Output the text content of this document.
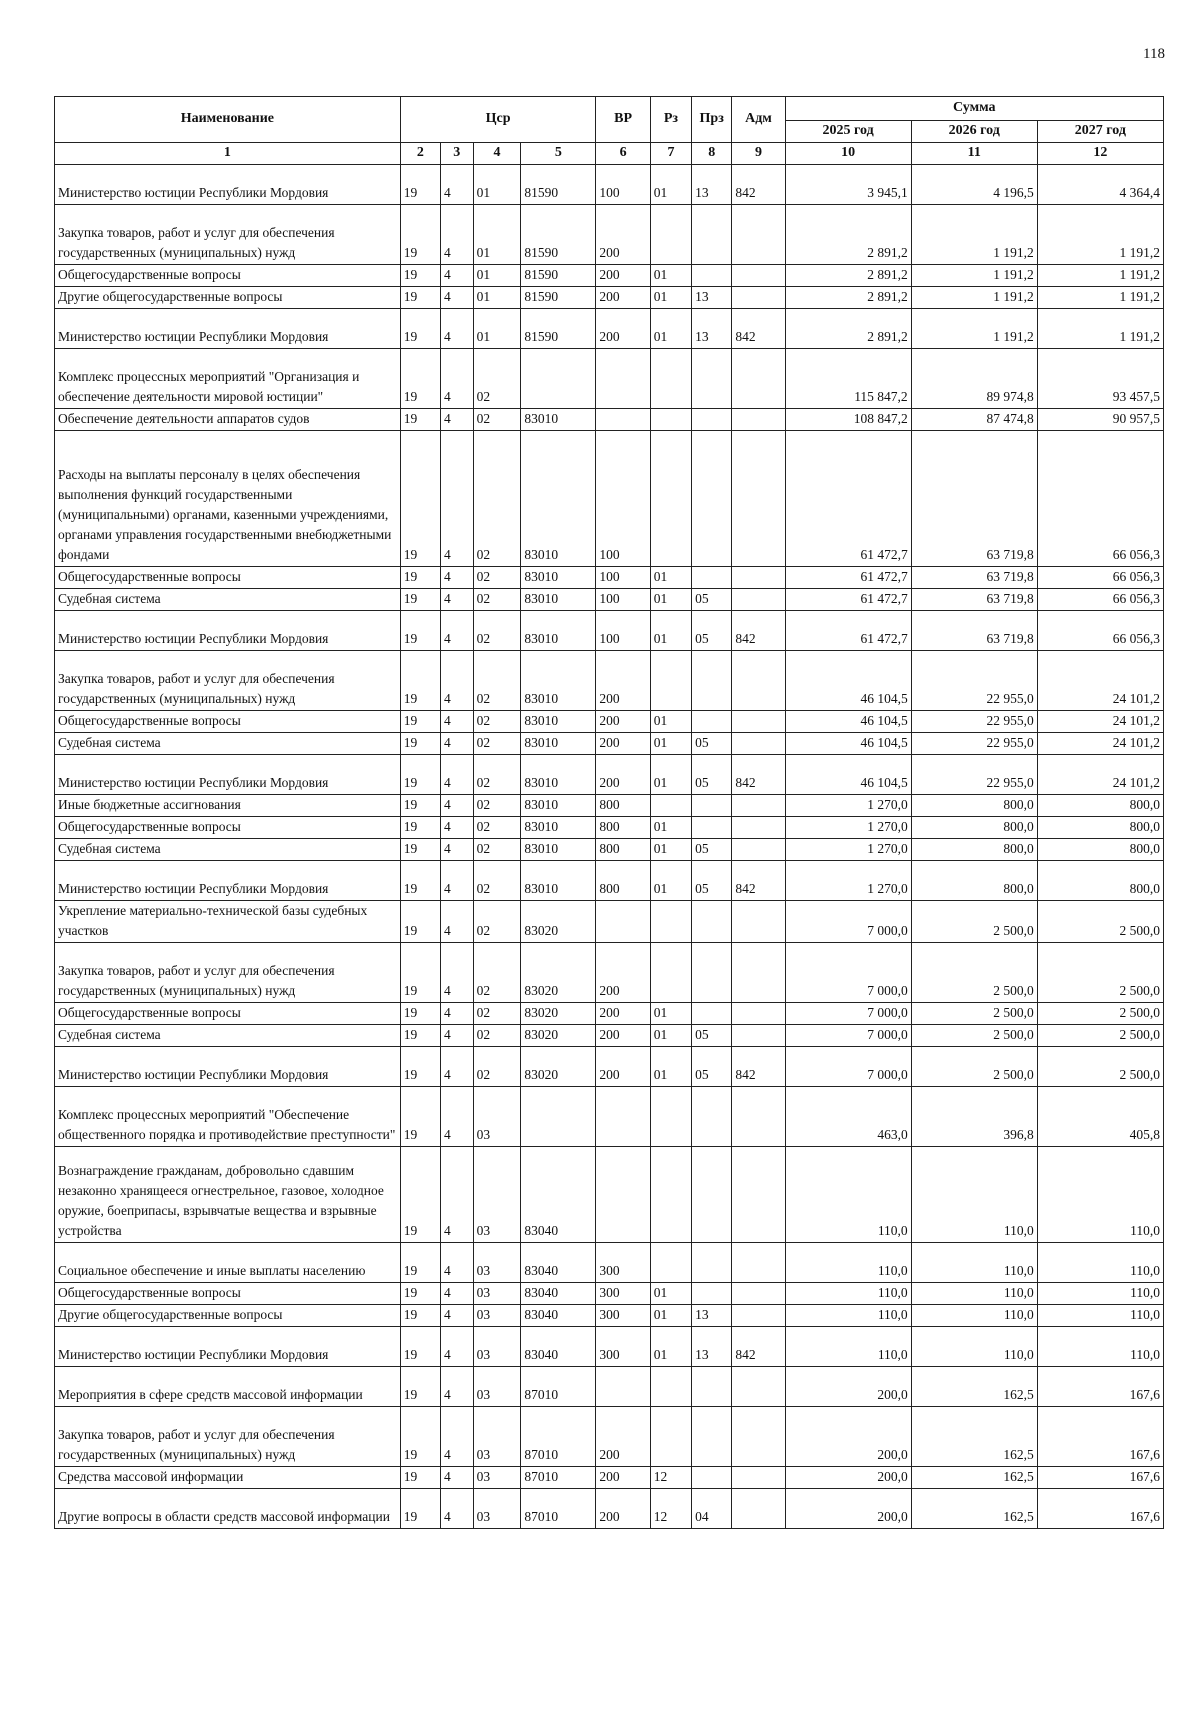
118
Наименование	Цср				ВР	Рз	Прз	Адм	Сумма		
									2025 год	2026 год	2027 год
1	2	3	4	5	6	7	8	9	10	11	12
Министерство юстиции Республики Мордовия	19	4	01	81590	100	01	13	842	3 945,1	4 196,5	4 364,4
Закупка товаров, работ и услуг для обеспечения государственных (муниципальных) нужд	19	4	01	81590	200				2 891,2	1 191,2	1 191,2
Общегосударственные вопросы	19	4	01	81590	200	01			2 891,2	1 191,2	1 191,2
Другие общегосударственные вопросы	19	4	01	81590	200	01	13		2 891,2	1 191,2	1 191,2
Министерство юстиции Республики Мордовия	19	4	01	81590	200	01	13	842	2 891,2	1 191,2	1 191,2
Комплекс процессных мероприятий "Организация и обеспечение деятельности мировой юстиции"	19	4	02						115 847,2	89 974,8	93 457,5
Обеспечение деятельности аппаратов судов	19	4	02	83010					108 847,2	87 474,8	90 957,5
Расходы на выплаты персоналу в целях обеспечения выполнения функций государственными (муниципальными) органами, казенными учреждениями, органами управления государственными внебюджетными фондами	19	4	02	83010	100				61 472,7	63 719,8	66 056,3
Общегосударственные вопросы	19	4	02	83010	100	01			61 472,7	63 719,8	66 056,3
Судебная система	19	4	02	83010	100	01	05		61 472,7	63 719,8	66 056,3
Министерство юстиции Республики Мордовия	19	4	02	83010	100	01	05	842	61 472,7	63 719,8	66 056,3
Закупка товаров, работ и услуг для обеспечения государственных (муниципальных) нужд	19	4	02	83010	200				46 104,5	22 955,0	24 101,2
Общегосударственные вопросы	19	4	02	83010	200	01			46 104,5	22 955,0	24 101,2
Судебная система	19	4	02	83010	200	01	05		46 104,5	22 955,0	24 101,2
Министерство юстиции Республики Мордовия	19	4	02	83010	200	01	05	842	46 104,5	22 955,0	24 101,2
Иные бюджетные ассигнования	19	4	02	83010	800				1 270,0	800,0	800,0
Общегосударственные вопросы	19	4	02	83010	800	01			1 270,0	800,0	800,0
Судебная система	19	4	02	83010	800	01	05		1 270,0	800,0	800,0
Министерство юстиции Республики Мордовия	19	4	02	83010	800	01	05	842	1 270,0	800,0	800,0
Укрепление материально-технической базы судебных участков	19	4	02	83020					7 000,0	2 500,0	2 500,0
Закупка товаров, работ и услуг для обеспечения государственных (муниципальных) нужд	19	4	02	83020	200				7 000,0	2 500,0	2 500,0
Общегосударственные вопросы	19	4	02	83020	200	01			7 000,0	2 500,0	2 500,0
Судебная система	19	4	02	83020	200	01	05		7 000,0	2 500,0	2 500,0
Министерство юстиции Республики Мордовия	19	4	02	83020	200	01	05	842	7 000,0	2 500,0	2 500,0
Комплекс процессных мероприятий "Обеспечение общественного порядка и противодействие преступности"	19	4	03						463,0	396,8	405,8
Вознаграждение гражданам, добровольно сдавшим незаконно хранящееся огнестрельное, газовое, холодное оружие, боеприпасы, взрывчатые вещества и взрывные устройства	19	4	03	83040					110,0	110,0	110,0
Социальное обеспечение и иные выплаты населению	19	4	03	83040	300				110,0	110,0	110,0
Общегосударственные вопросы	19	4	03	83040	300	01			110,0	110,0	110,0
Другие общегосударственные вопросы	19	4	03	83040	300	01	13		110,0	110,0	110,0
Министерство юстиции Республики Мордовия	19	4	03	83040	300	01	13	842	110,0	110,0	110,0
Мероприятия в сфере средств массовой информации	19	4	03	87010					200,0	162,5	167,6
Закупка товаров, работ и услуг для обеспечения государственных (муниципальных) нужд	19	4	03	87010	200				200,0	162,5	167,6
Средства массовой информации	19	4	03	87010	200	12			200,0	162,5	167,6
Другие вопросы в области средств массовой информации	19	4	03	87010	200	12	04		200,0	162,5	167,6
